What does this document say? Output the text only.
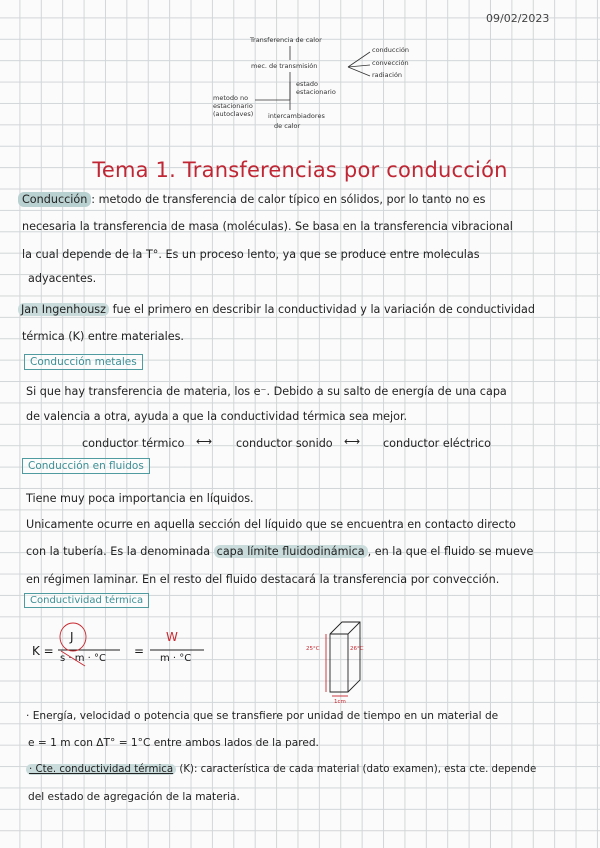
09/02/2023
Transferencia de calor
mec. de transmisión
conducción
convección
radiación
estado
estacionario
metodo no
estacionario
(autoclaves) intercambiadores
de calor
Tema 1. Transferencias por conducción
Conducción : metodo de transferencia de calor típico en sólidos, por lo tanto no es
necesaria la transferencia de masa (moléculas). Se basa en la transferencia vibracional
la cual depende de la T°. Es un proceso lento, ya que se produce entre moleculas
adyacentes.
Jan Ingenhousz fue el primero en describir la conductividad y la variación de conductividad
térmica (K) entre materiales.
Conducción metales
Si que hay transferencia de materia, los e⁻. Debido a su salto de energía de una capa
de valencia a otra, ayuda a que la conductividad térmica sea mejor.
conductor térmico ⟷ conductor sonido ⟷ conductor eléctrico
Conducción en fluidos
Tiene muy poca importancia en líquidos.
Unicamente ocurre en aquella sección del líquido que se encuentra en contacto directo
con la tubería. Es la denominada capa límite fluidodinámica , en la que el fluido se mueve
en régimen laminar. En el resto del fluido destacará la transferencia por convección.
Conductividad térmica
K =
J
s · m · °C
=
W
m · °C
25°C	26°C
1cm
· Energía, velocidad o potencia que se transfiere por unidad de tiempo en un material de
e = 1 m con ΔT° = 1°C entre ambos lados de la pared.
· Cte. conductividad térmica (K): característica de cada material (dato examen), esta cte. depende
del estado de agregación de la materia.
